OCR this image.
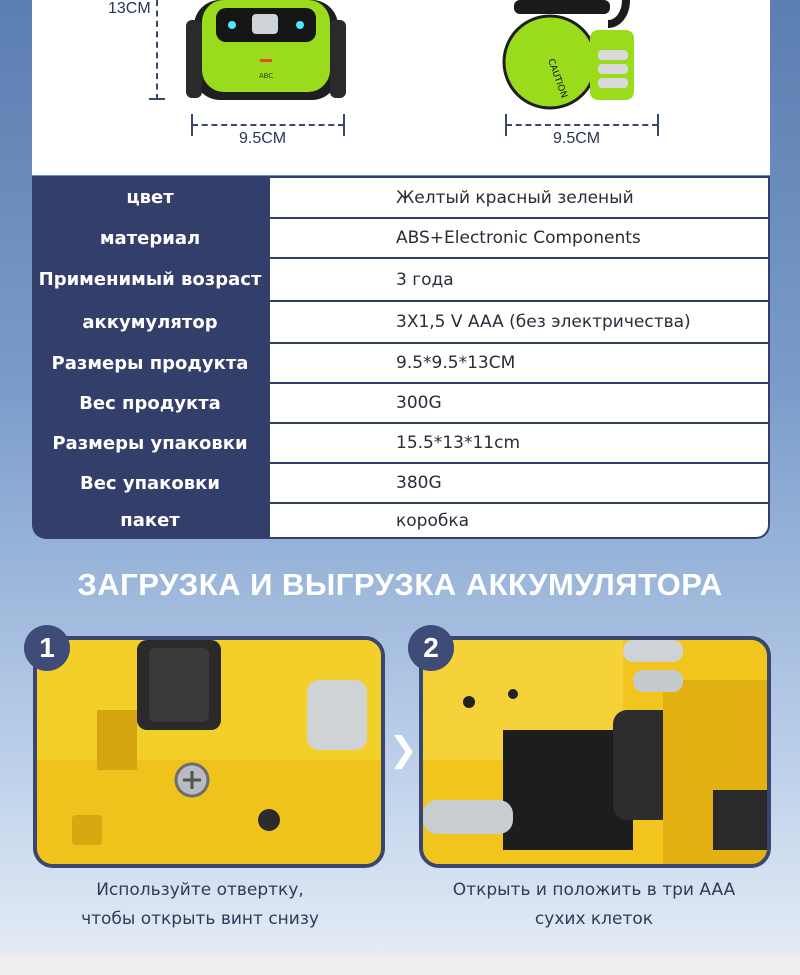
13CM
ABC	CAUTION
9.5CM	9.5CM
цвет	Желтый красный зеленый
материал	ABS+Electronic Components
Применимый возраст	3 года
аккумулятор	3X1,5 V AAA (без электричества)
Размеры продукта	9.5*9.5*13CM
Вес продукта	300G
Размеры упаковки	15.5*13*11cm
Вес упаковки	380G
пакет	коробка
ЗАГРУЗКА И ВЫГРУЗКА АККУМУЛЯТОРА
1
Используйте отвертку,
чтобы открыть винт снизу
❯
2
Открыть и положить в три AAA
сухих клеток
